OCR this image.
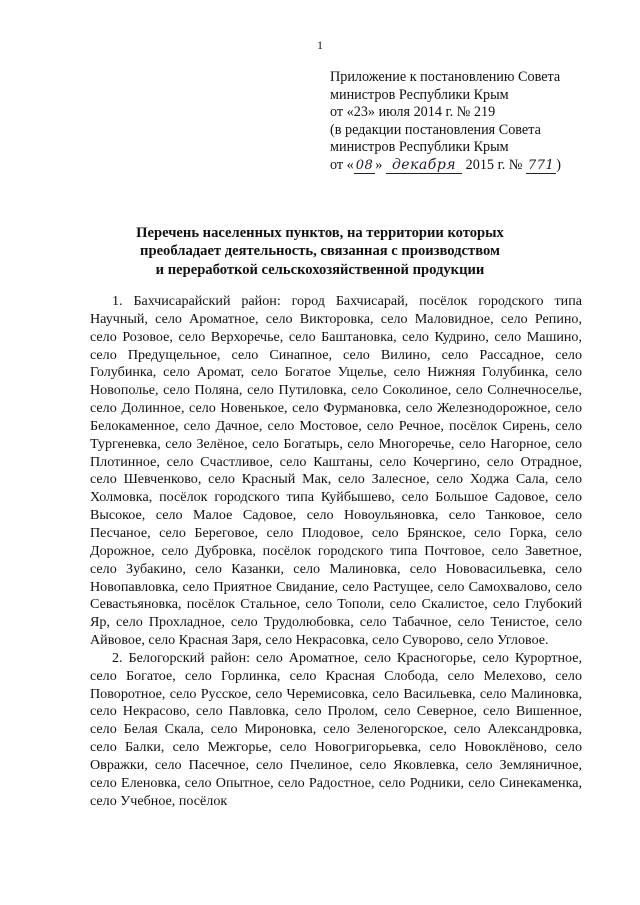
1
Приложение к постановлению Совета
министров Республики Крым
от «23» июля 2014 г. № 219
(в редакции постановления Совета
министров Республики Крым
от « 08 » декабря 2015 г. № 771 )
Перечень населенных пунктов, на территории которых
преобладает деятельность, связанная с производством
и переработкой сельскохозяйственной продукции

1. Бахчисарайский район: город Бахчисарай, посёлок городского типа Научный, село Ароматное, село Викторовка, село Маловидное, село Репино, село Розовое, село Верхоречье, село Баштановка, село Кудрино, село Машино, село Предущельное, село Синапное, село Вилино, село Рассадное, село Голубинка, село Аромат, село Богатое Ущелье, село Нижняя Голубинка, село Новополье, село Поляна, село Путиловка, село Соколиное, село Солнечноселье, село Долинное, село Новенькое, село Фурмановка, село Железнодорожное, село Белокаменное, село Дачное, село Мостовое, село Речное, посёлок Сирень, село Тургеневка, село Зелёное, село Богатырь, село Многоречье, село Нагорное, село Плотинное, село Счастливое, село Каштаны, село Кочергино, село Отрадное, село Шевченково, село Красный Мак, село Залесное, село Ходжа Сала, село Холмовка, посёлок городского типа Куйбышево, село Большое Садовое, село Высокое, село Малое Садовое, село Новоульяновка, село Танковое, село Песчаное, село Береговое, село Плодовое, село Брянское, село Горка, село Дорожное, село Дубровка, посёлок городского типа Почтовое, село Заветное, село Зубакино, село Казанки, село Малиновка, село Нововасильевка, село Новопавловка, село Приятное Свидание, село Растущее, село Самохвалово, село Севастьяновка, посёлок Стальное, село Тополи, село Скалистое, село Глубокий Яр, село Прохладное, село Трудолюбовка, село Табачное, село Тенистое, село Айвовое, село Красная Заря, село Некрасовка, село Суворово, село Угловое.

2. Белогорский район: село Ароматное, село Красногорье, село Курортное, село Богатое, село Горлинка, село Красная Слобода, село Мелехово, село Поворотное, село Русское, село Черемисовка, село Васильевка, село Малиновка, село Некрасово, село Павловка, село Пролом, село Северное, село Вишенное, село Белая Скала, село Мироновка, село Зеленогорское, село Александровка, село Балки, село Межгорье, село Новогригорьевка, село Новоклёново, село Овражки, село Пасечное, село Пчелиное, село Яковлевка, село Земляничное, село Еленовка, село Опытное, село Радостное, село Родники, село Синекаменка, село Учебное, посёлок
